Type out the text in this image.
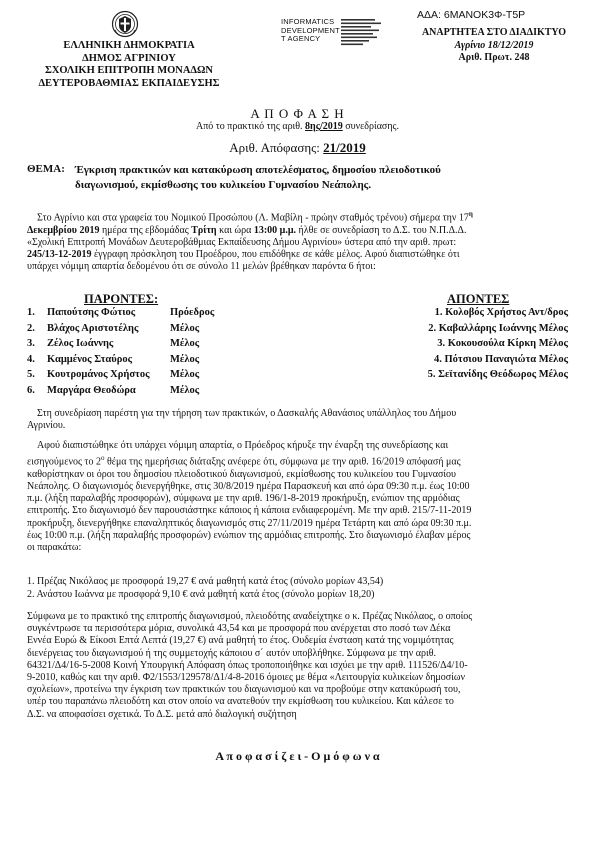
ΕΛΛΗΝΙΚΗ ΔΗΜΟΚΡΑΤΙΑ
ΔΗΜΟΣ ΑΓΡΙΝΙΟΥ
ΣΧΟΛΙΚΗ ΕΠΙΤΡΟΠΗ ΜΟΝΑΔΩΝ
ΔΕΥΤΕΡΟΒΑΘΜΙΑΣ ΕΚΠΑΙΔΕΥΣΗΣ
INFORMATICS
DEVELOPMENT
T AGENCY
ΑΔΑ: 6ΜΑΝΟΚ3Φ-Τ5Ρ
ΑΝΑΡΤΗΤΕΑ ΣΤΟ ΔΙΑΔΙΚΤΥΟ
Αγρίνιο 18/12/2019
Αριθ. Πρωτ. 248
Α Π Ο Φ Α Σ Η
Από το πρακτικό της αριθ. 8ης/2019 συνεδρίασης.
Αριθ. Απόφασης: 21/2019
ΘΕΜΑ: Έγκριση πρακτικών και κατακύρωση αποτελέσματος, δημοσίου πλειοδοτικού
διαγωνισμού, εκμίσθωσης του κυλικείου Γυμνασίου Νεάπολης.
Στο Αγρίνιο και στα γραφεία του Νομικού Προσώπου (Λ. Μαβίλη - πρώην σταθμός τρένου) σήμερα την $17^\eta$
Δεκεμβρίου 2019 ημέρα της εβδομάδας Τρίτη και ώρα 13:00 μ.μ. ήλθε σε συνεδρίαση το Δ.Σ. του Ν.Π.Δ.Δ.
«Σχολική Επιτροπή Μονάδων Δευτεροβάθμιας Εκπαίδευσης Δήμου Αγρινίου» ύστερα από την αριθ. πρωτ:
245/13-12-2019 έγγραφη πρόσκληση του Προέδρου, που επιδόθηκε σε κάθε μέλος. Αφού διαπιστώθηκε ότι
υπάρχει νόμιμη απαρτία δεδομένου ότι σε σύνολο 11 μελών βρέθηκαν παρόντα 6 ήτοι:
ΠΑΡΟΝΤΕΣ:
1. Παπούτσης Φώτιος	Πρόεδρος
2. Βλάχος Αριστοτέλης	Μέλος
3. Ζέλος Ιωάννης	Μέλος
4. Καμμένος Σταύρος	Μέλος
5. Κουτρομάνος Χρήστος Μέλος
6. Μαργάρα Θεοδώρα	Μέλος
ΑΠΟΝΤΕΣ
1. Κολοβός Χρήστος Αντ/δρος
2. Καβαλλάρης Ιωάννης Μέλος
3. Κοκουσούλα Κίρκη Μέλος
4. Πότσιου Παναγιώτα Μέλος
5. Σεϊτανίδης Θεόδωρος Μέλος
Στη συνεδρίαση παρέστη για την τήρηση των πρακτικών, ο Δασκαλής Αθανάσιος υπάλληλος του Δήμου
Αγρινίου.
Αφού διαπιστώθηκε ότι υπάρχει νόμιμη απαρτία, ο Πρόεδρος κήρυξε την έναρξη της συνεδρίασης και
εισηγούμενος το $2^o$ θέμα της ημερήσιας διάταξης ανέφερε ότι, σύμφωνα με την αριθ. 16/2019 απόφασή μας
καθορίστηκαν οι όροι του δημοσίου πλειοδοτικού διαγωνισμού, εκμίσθωσης του κυλικείου του Γυμνασίου
Νεάπολης. Ο διαγωνισμός διενεργήθηκε, στις 30/8/2019 ημέρα Παρασκευή και από ώρα 09:30 π.μ. έως 10:00
π.μ. (λήξη παραλαβής προσφορών), σύμφωνα με την αριθ. 196/1-8-2019 προκήρυξη, ενώπιον της αρμόδιας
επιτροπής. Στο διαγωνισμό δεν παρουσιάστηκε κάποιος ή κάποια ενδιαφερομένη. Με την αριθ. 215/7-11-2019
προκήρυξη, διενεργήθηκε επαναληπτικός διαγωνισμός στις 27/11/2019 ημέρα Τετάρτη και από ώρα 09:30 π.μ.
έως 10:00 π.μ. (λήξη παραλαβής προσφορών) ενώπιον της αρμόδιας επιτροπής. Στο διαγωνισμό έλαβαν μέρος
οι παρακάτω:
1. Πρέζας Νικόλαος με προσφορά 19,27 € ανά μαθητή κατά έτος (σύνολο μορίων 43,54)
2. Ανάστου Ιωάννα με προσφορά 9,10 € ανά μαθητή κατά έτος (σύνολο μορίων 18,20)
Σύμφωνα με το πρακτικό της επιτροπής διαγωνισμού, πλειοδότης αναδείχτηκε ο κ. Πρέζας Νικόλαος, ο οποίος
συγκέντρωσε τα περισσότερα μόρια, συνολικά 43,54 και με προσφορά που ανέρχεται στο ποσό των Δέκα
Εννέα Ευρώ & Είκοσι Επτά Λεπτά (19,27 €) ανά μαθητή το έτος. Ουδεμία ένσταση κατά της νομιμότητας
διενέργειας του διαγωνισμού ή της συμμετοχής κάποιου σ΄ αυτόν υποβλήθηκε. Σύμφωνα με την αριθ.
64321/Δ4/16-5-2008 Κοινή Υπουργική Απόφαση όπως τροποποιήθηκε και ισχύει με την αριθ. 111526/Δ4/10-
9-2010, καθώς και την αριθ. Φ2/1553/129578/Δ1/4-8-2016 όμοιες με θέμα «Λειτουργία κυλικείων δημοσίων
σχολείων», προτείνω την έγκριση των πρακτικών του διαγωνισμού και να προβούμε στην κατακύρωσή του,
υπέρ του παραπάνω πλειοδότη και στον οποίο να ανατεθούν την εκμίσθωση του κυλικείου. Και κάλεσε το
Δ.Σ. να αποφασίσει σχετικά. Το Δ.Σ. μετά από διαλογική συζήτηση
Α π ο φ α σ ί ζ ε ι - Ο μ ό φ ω ν α
